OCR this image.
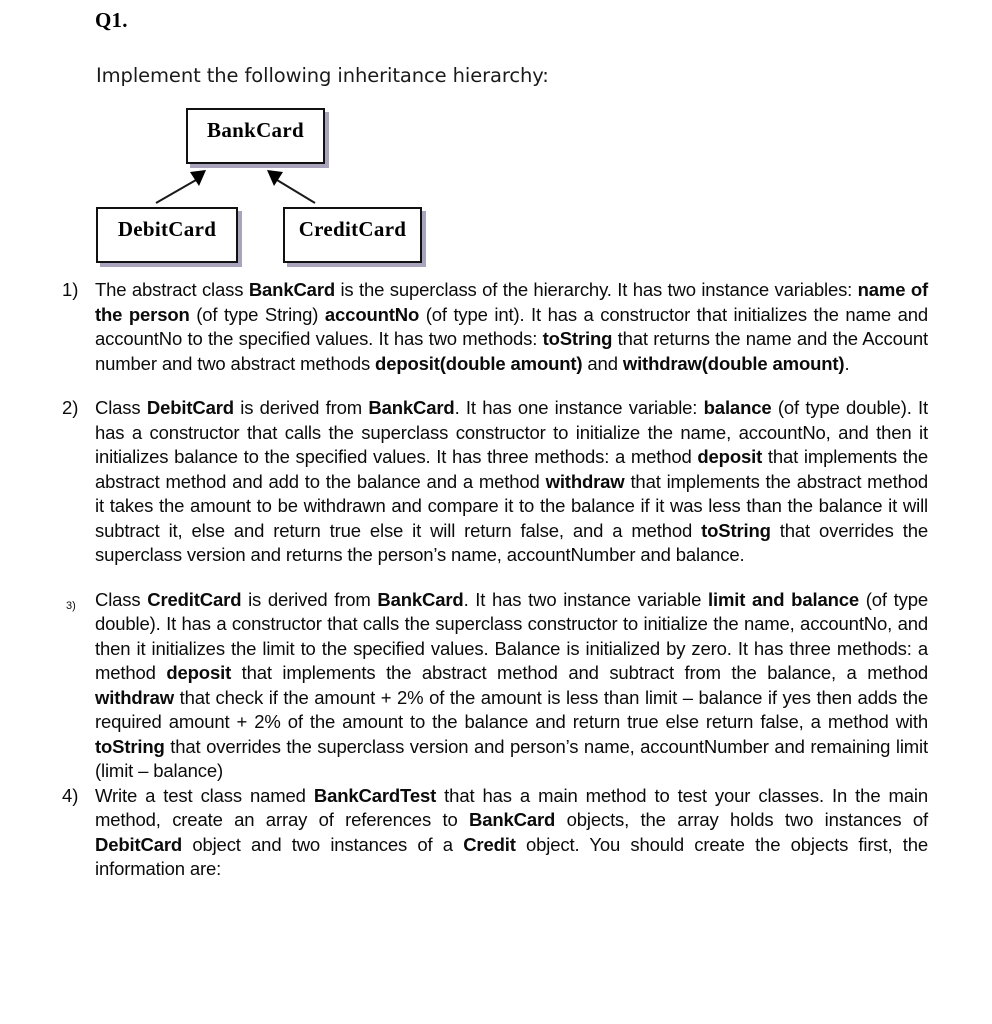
Q1.
Implement the following inheritance hierarchy:
BankCard
DebitCard	CreditCard
1) The abstract class BankCard is the superclass of the hierarchy. It has two instance variables: name of the person (of type String) accountNo (of type int). It has a constructor that initializes the name and accountNo to the specified values. It has two methods: toString that returns the name and the Account number and two abstract methods deposit(double amount) and withdraw(double amount).
2) Class DebitCard is derived from BankCard. It has one instance variable: balance (of type double). It has a constructor that calls the superclass constructor to initialize the name, accountNo, and then it initializes balance to the specified values. It has three methods: a method deposit that implements the abstract method and add to the balance and a method withdraw that implements the abstract method it takes the amount to be withdrawn and compare it to the balance if it was less than the balance it will subtract it, else and return true else it will return false, and a method toString that overrides the superclass version and returns the person’s name, accountNumber and balance.
3) Class CreditCard is derived from BankCard. It has two instance variable limit and balance (of type double). It has a constructor that calls the superclass constructor to initialize the name, accountNo, and then it initializes the limit to the specified values. Balance is initialized by zero. It has three methods: a method deposit that implements the abstract method and subtract from the balance, a method withdraw that check if the amount + 2% of the amount is less than limit – balance if yes then adds the required amount + 2% of the amount to the balance and return true else return false, a method with toString that overrides the superclass version and person’s name, accountNumber and remaining limit (limit – balance)
4) Write a test class named BankCardTest that has a main method to test your classes. In the main method, create an array of references to BankCard objects, the array holds two instances of DebitCard object and two instances of a Credit object. You should create the objects first, the information are:
